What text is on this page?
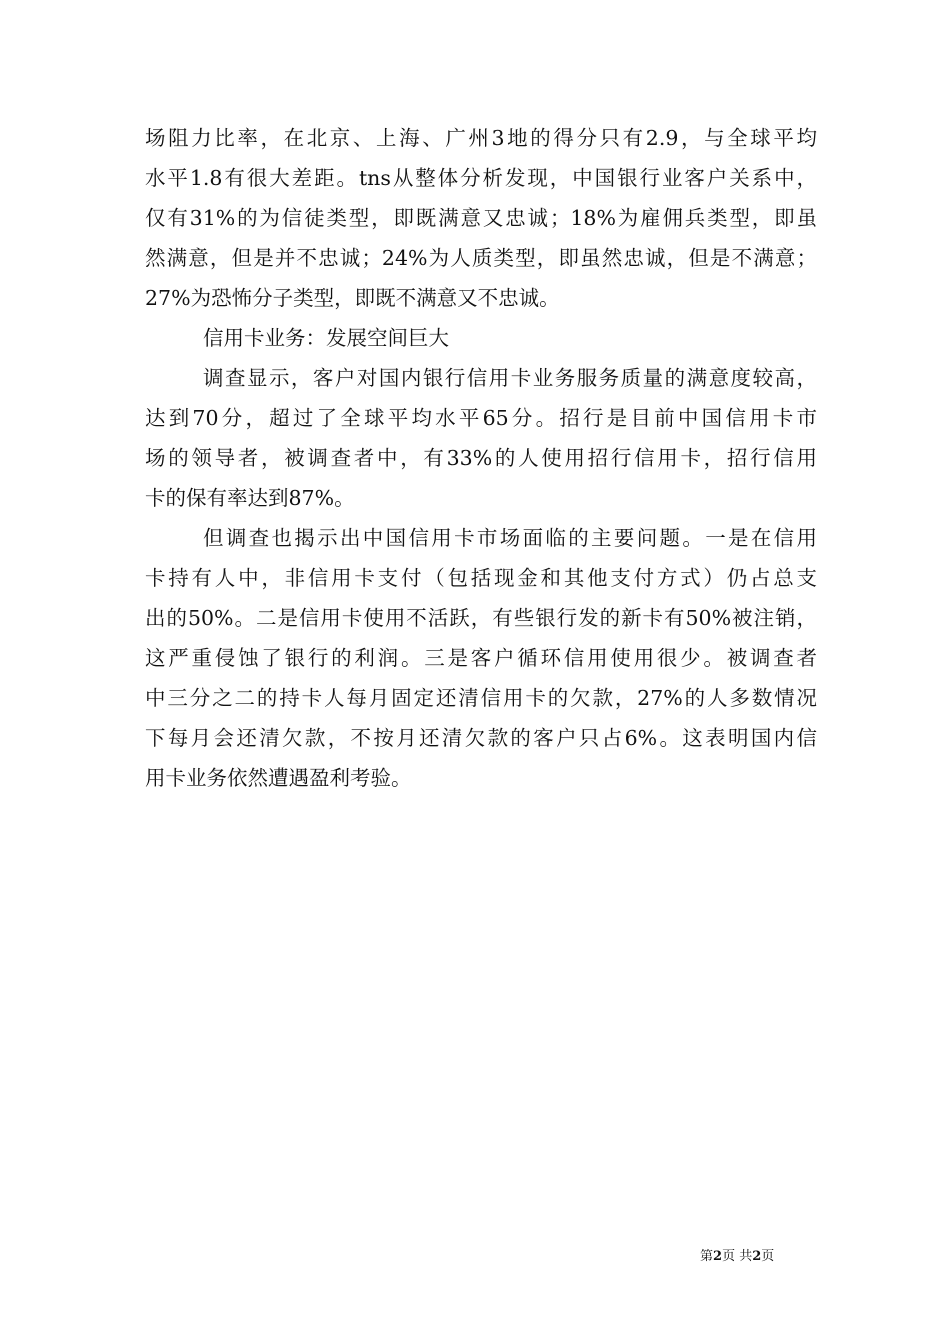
场阻力比率，在北京、上海、广州3地的得分只有2.9，与全球平均
水平1.8有很大差距。tns从整体分析发现，中国银行业客户关系中，
仅有31%的为信徒类型，即既满意又忠诚；18%为雇佣兵类型，即虽
然满意，但是并不忠诚；24%为人质类型，即虽然忠诚，但是不满意；
27%为恐怖分子类型，即既不满意又不忠诚。
信用卡业务：发展空间巨大
调查显示，客户对国内银行信用卡业务服务质量的满意度较高，
达到70分，超过了全球平均水平65分。招行是目前中国信用卡市
场的领导者，被调查者中，有33%的人使用招行信用卡，招行信用
卡的保有率达到87%。
但调查也揭示出中国信用卡市场面临的主要问题。一是在信用
卡持有人中，非信用卡支付（包括现金和其他支付方式）仍占总支
出的50%。二是信用卡使用不活跃，有些银行发的新卡有50%被注销，
这严重侵蚀了银行的利润。三是客户循环信用使用很少。被调查者
中三分之二的持卡人每月固定还清信用卡的欠款，27%的人多数情况
下每月会还清欠款，不按月还清欠款的客户只占6%。这表明国内信
用卡业务依然遭遇盈利考验。
第2页 共2页
